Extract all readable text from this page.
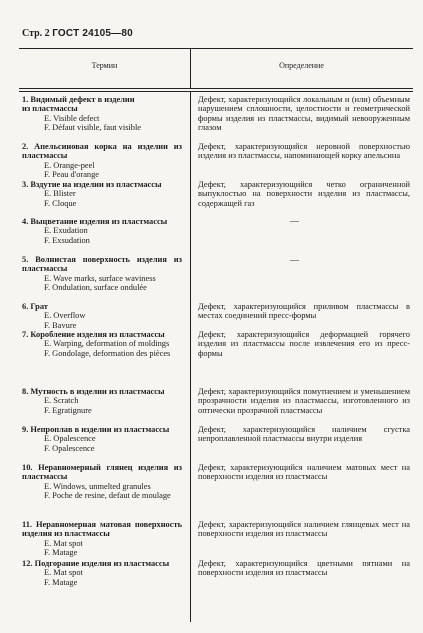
Стр. 2 ГОСТ 24105—80
Термин	Определение
1. Видимый дефект в изделии
из пластмассы
E. Visible defect
F. Défaut visible, faut visible
Дефект, характеризующийся локальным и (или) объемным нарушением сплошности, целостности и геометрической формы изделия из пластмассы, видимый невооруженным глазом
2. Апельсиновая корка на изделии из пластмассы
E. Orange-peel
F. Peau d'orange
Дефект, характеризующийся неровной поверхностью изделия из пластмассы, напоминающей корку апельсина
3. Вздутие на изделии из пластмассы
E. Blister
F. Cloque
Дефект, характеризующийся четко ограниченной выпуклостью на поверхности изделия из пластмассы, содержащей газ
4. Выцветание изделия из пластмассы
E. Exudation
F. Exsudation
—
5. Волнистая поверхность изделия из пластмассы
E. Wave marks, surface waviness
F. Ondulation, surface ondulée
—
6. Грат
E. Overflow
F. Bavure
Дефект, характеризующийся приливом пластмассы в местах соединений пресс-формы
7. Коробление изделия из пластмассы
E. Warping, deformation of moldings
F. Gondolage, deformation des pièces
Дефект, характеризующийся деформацией горячего изделия из пластмассы после извлечения его из пресс-формы
8. Мутность в изделии из пластмассы
E. Scratch
F. Egratignure
Дефект, характеризующийся помутнением и уменьшением прозрачности изделия из пластмассы, изготовленного из оптически прозрачной пластмассы
9. Непроплав в изделии из пластмассы
E. Opalescence
F. Opalescence
Дефект, характеризующийся наличием сгустка непроплавленной пластмассы внутри изделия
10. Неравномерный глянец изделия из пластмассы
E. Windows, unmelted granules
F. Poche de resine, defaut de moulage
Дефект, характеризующийся наличием матовых мест на поверхности изделия из пластмассы
11. Неравномерная матовая поверхность изделия из пластмассы
E. Mat spot
F. Matage
Дефект, характеризующийся наличием глянцевых мест на поверхности изделия из пластмассы
12. Подгорание изделия из пластмассы
E. Mat spot
F. Matage
Дефект, характеризующийся цветными пятнами на поверхности изделия из пластмассы
